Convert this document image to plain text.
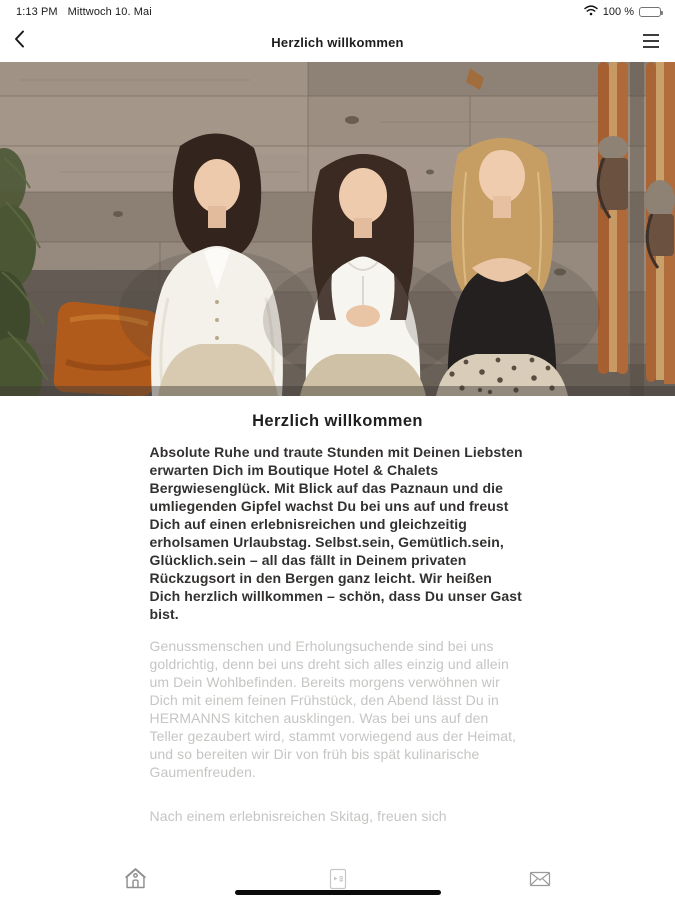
1:13 PM Mittwoch 10. Mai	100 %
Herzlich willkommen
Herzlich willkommen

Absolute Ruhe und traute Stunden mit Deinen Liebsten erwarten Dich im Boutique Hotel & Chalets Bergwiesenglück. Mit Blick auf das Paznaun und die umliegenden Gipfel wachst Du bei uns auf und freust Dich auf einen erlebnisreichen und gleichzeitig erholsamen Urlaubstag. Selbst.sein, Gemütlich.sein, Glücklich.sein – all das fällt in Deinem privaten Rückzugsort in den Bergen ganz leicht. Wir heißen Dich herzlich willkommen – schön, dass Du unser Gast bist.

Genussmenschen und Erholungsuchende sind bei uns goldrichtig, denn bei uns dreht sich alles einzig und allein um Dein Wohlbefinden. Bereits morgens verwöhnen wir Dich mit einem feinen Frühstück, den Abend lässt Du in HERMANNS kitchen ausklingen. Was bei uns auf den Teller gezaubert wird, stammt vorwiegend aus der Heimat, und so bereiten wir Dir von früh bis spät kulinarische Gaumenfreuden.

Nach einem erlebnisreichen Skitag, freuen sich
